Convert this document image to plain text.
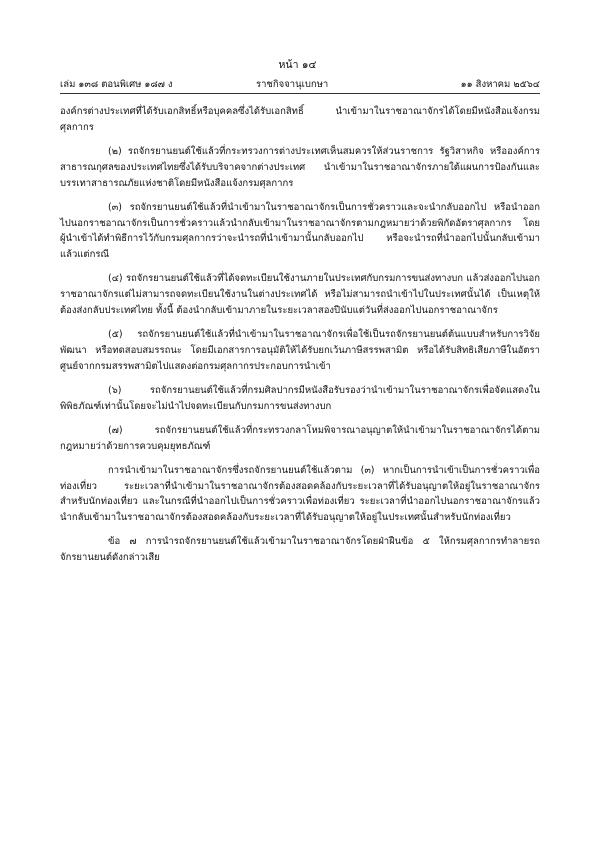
หน้า ๑๔
เล่ม ๑๓๘ ตอนพิเศษ ๑๘๗ ง	ราชกิจจานุเบกษา	๑๑ สิงหาคม ๒๕๖๔

องค์กรต่างประเทศที่ได้รับเอกสิทธิ์หรือบุคคลซึ่งได้รับเอกสิทธิ์ นำเข้ามาในราชอาณาจักรได้โดยมีหนังสือแจ้งกรมศุลกากร

(๒) รถจักรยานยนต์ใช้แล้วที่กระทรวงการต่างประเทศเห็นสมควรให้ส่วนราชการ รัฐวิสาหกิจ หรือองค์การสาธารณกุศลของประเทศไทยซึ่งได้รับบริจาคจากต่างประเทศ นำเข้ามาในราชอาณาจักรภายใต้แผนการป้องกันและบรรเทาสาธารณภัยแห่งชาติโดยมีหนังสือแจ้งกรมศุลกากร

(๓) รถจักรยานยนต์ใช้แล้วที่นำเข้ามาในราชอาณาจักรเป็นการชั่วคราวและจะนำกลับออกไป หรือนำออกไปนอกราชอาณาจักรเป็นการชั่วคราวแล้วนำกลับเข้ามาในราชอาณาจักรตามกฎหมายว่าด้วยพิกัดอัตราศุลกากร โดยผู้นำเข้าได้ทำพิธีการไว้กับกรมศุลกากรว่าจะนำรถที่นำเข้ามานั้นกลับออกไป หรือจะนำรถที่นำออกไปนั้นกลับเข้ามา แล้วแต่กรณี

(๔) รถจักรยานยนต์ใช้แล้วที่ได้จดทะเบียนใช้งานภายในประเทศกับกรมการขนส่งทางบก แล้วส่งออกไปนอกราชอาณาจักรแต่ไม่สามารถจดทะเบียนใช้งานในต่างประเทศได้ หรือไม่สามารถนำเข้าไปในประเทศนั้นได้ เป็นเหตุให้ต้องส่งกลับประเทศไทย ทั้งนี้ ต้องนำกลับเข้ามาภายในระยะเวลาสองปีนับแต่วันที่ส่งออกไปนอกราชอาณาจักร

(๕) รถจักรยานยนต์ใช้แล้วที่นำเข้ามาในราชอาณาจักรเพื่อใช้เป็นรถจักรยานยนต์ต้นแบบสำหรับการวิจัย พัฒนา หรือทดสอบสมรรถนะ โดยมีเอกสารการอนุมัติให้ได้รับยกเว้นภาษีสรรพสามิต หรือได้รับสิทธิเสียภาษีในอัตราศูนย์จากกรมสรรพสามิตไปแสดงต่อกรมศุลกากรประกอบการนำเข้า

(๖) รถจักรยานยนต์ใช้แล้วที่กรมศิลปากรมีหนังสือรับรองว่านำเข้ามาในราชอาณาจักรเพื่อจัดแสดงในพิพิธภัณฑ์เท่านั้นโดยจะไม่นำไปจดทะเบียนกับกรมการขนส่งทางบก

(๗) รถจักรยานยนต์ใช้แล้วที่กระทรวงกลาโหมพิจารณาอนุญาตให้นำเข้ามาในราชอาณาจักรได้ตามกฎหมายว่าด้วยการควบคุมยุทธภัณฑ์

การนำเข้ามาในราชอาณาจักรซึ่งรถจักรยานยนต์ใช้แล้วตาม (๓) หากเป็นการนำเข้าเป็นการชั่วคราวเพื่อท่องเที่ยว ระยะเวลาที่นำเข้ามาในราชอาณาจักรต้องสอดคล้องกับระยะเวลาที่ได้รับอนุญาตให้อยู่ในราชอาณาจักรสำหรับนักท่องเที่ยว และในกรณีที่นำออกไปเป็นการชั่วคราวเพื่อท่องเที่ยว ระยะเวลาที่นำออกไปนอกราชอาณาจักรแล้วนำกลับเข้ามาในราชอาณาจักรต้องสอดคล้องกับระยะเวลาที่ได้รับอนุญาตให้อยู่ในประเทศนั้นสำหรับนักท่องเที่ยว

ข้อ ๗ การนำรถจักรยานยนต์ใช้แล้วเข้ามาในราชอาณาจักรโดยฝ่าฝืนข้อ ๕ ให้กรมศุลกากรทำลายรถจักรยานยนต์ดังกล่าวเสีย
